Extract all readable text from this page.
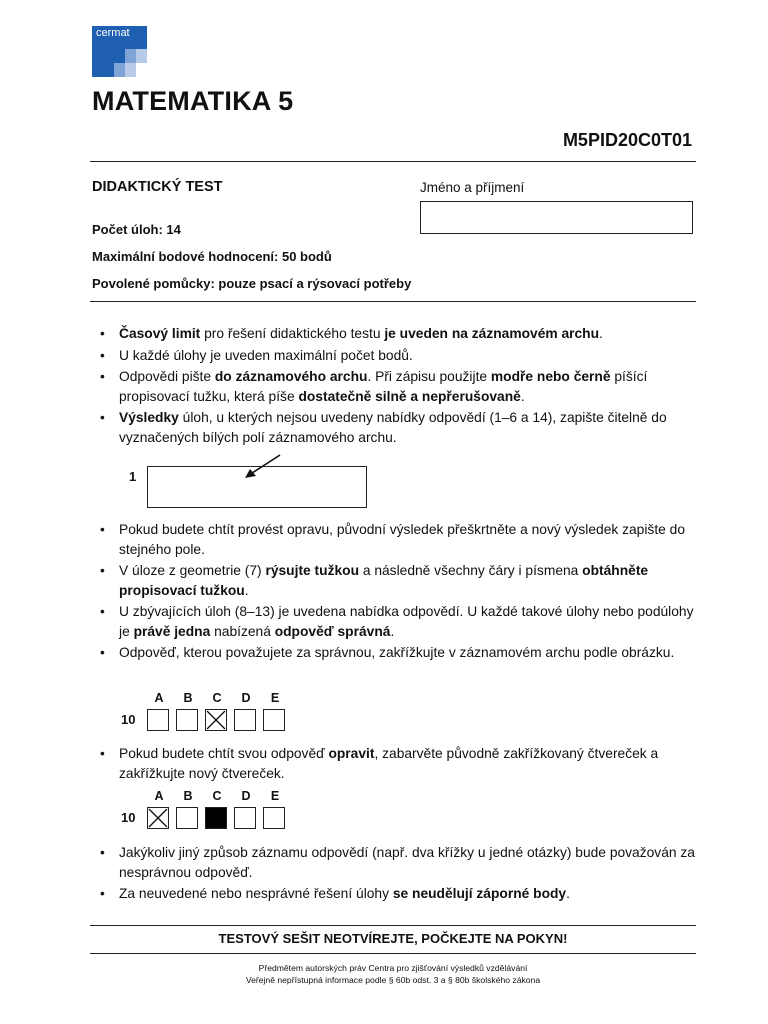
cermat
MATEMATIKA 5
M5PID20C0T01
DIDAKTICKÝ TEST	Jméno a příjmení
Počet úloh: 14
Maximální bodové hodnocení: 50 bodů
Povolené pomůcky: pouze psací a rýsovací potřeby
• Časový limit pro řešení didaktického testu je uveden na záznamovém archu.
• U každé úlohy je uveden maximální počet bodů.
• Odpovědi pište do záznamového archu. Při zápisu použijte modře nebo černě píšící propisovací tužku, která píše dostatečně silně a nepřerušovaně.
• Výsledky úloh, u kterých nejsou uvedeny nabídky odpovědí (1–6 a 14), zapište čitelně do vyznačených bílých polí záznamového archu.
1
• Pokud budete chtít provést opravu, původní výsledek přeškrtněte a nový výsledek zapište do stejného pole.
• V úloze z geometrie (7) rýsujte tužkou a následně všechny čáry i písmena obtáhněte propisovací tužkou.
• U zbývajících úloh (8–13) je uvedena nabídka odpovědí. U každé takové úlohy nebo podúlohy je právě jedna nabízená odpověď správná.
• Odpověď, kterou považujete za správnou, zakřížkujte v záznamovém archu podle obrázku.
A	B	C	D	E
10
• Pokud budete chtít svou odpověď opravit, zabarvěte původně zakřížkovaný čtvereček a zakřížkujte nový čtvereček.
A	B	C	D	E
10
• Jakýkoliv jiný způsob záznamu odpovědí (např. dva křížky u jedné otázky) bude považován za nesprávnou odpověď.
• Za neuvedené nebo nesprávné řešení úlohy se neudělují záporné body.
TESTOVÝ SEŠIT NEOTVÍREJTE, POČKEJTE NA POKYN!
Předmětem autorských práv Centra pro zjišťování výsledků vzdělávání
Veřejně nepřístupná informace podle § 60b odst. 3 a § 80b školského zákona
